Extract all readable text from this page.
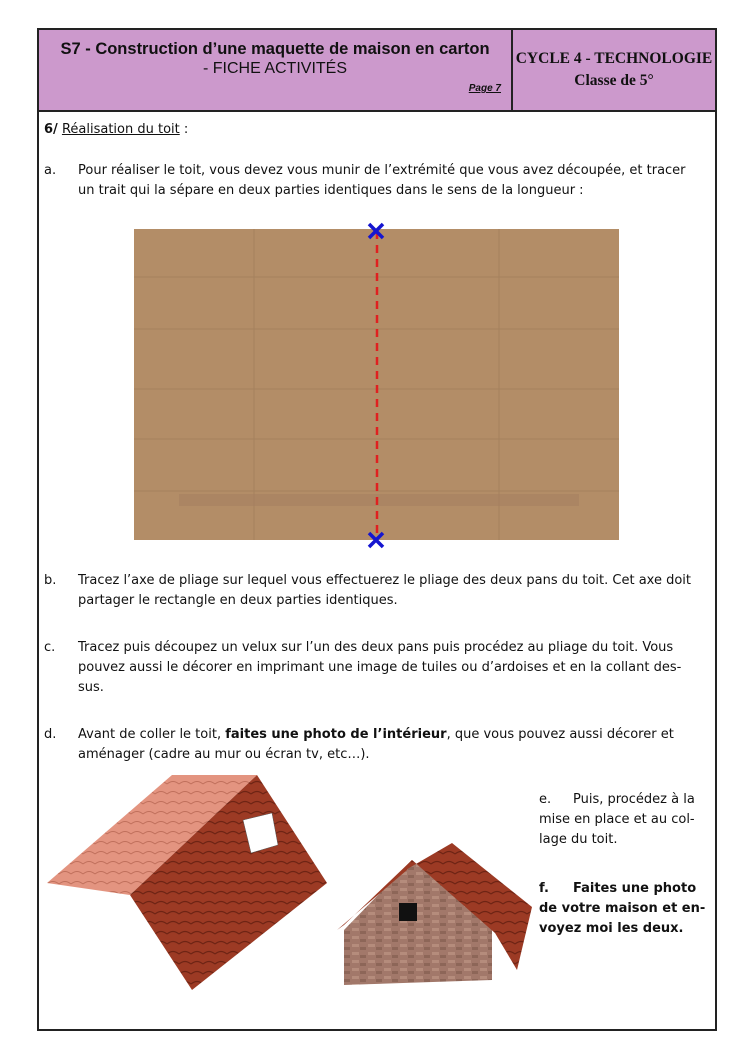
S7 - Construction d’une maquette de maison en carton
- FICHE ACTIVITÉS
Page 7
CYCLE 4 - TECHNOLOGIE
Classe de 5°
6/ Réalisation du toit :
a. Pour réaliser le toit, vous devez vous munir de l’extrémité que vous avez découpée, et tracer un trait qui la sépare en deux parties identiques dans le sens de la longueur :
b. Tracez l’axe de pliage sur lequel vous effectuerez le pliage des deux pans du toit. Cet axe doit partager le rectangle en deux parties identiques.
c. Tracez puis découpez un velux sur l’un des deux pans puis procédez au pliage du toit. Vous pouvez aussi le décorer en imprimant une image de tuiles ou d’ardoises et en la collant des-sus.
d. Avant de coller le toit, faites une photo de l’intérieur, que vous pouvez aussi décorer et aménager (cadre au mur ou écran tv, etc…).
e. Puis, procédez à la mise en place et au col-lage du toit.
f. Faites une photo de votre maison et en-voyez moi les deux.
